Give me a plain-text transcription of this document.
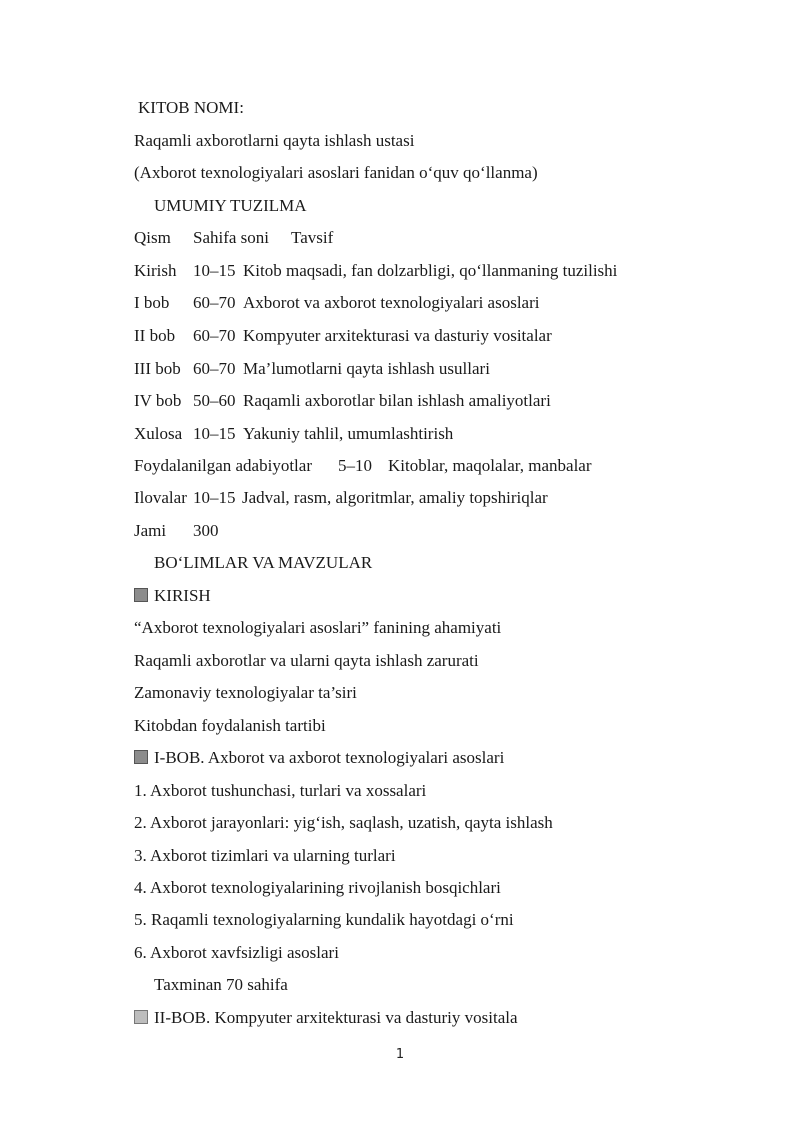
KITOB NOMI:
Raqamli axborotlarni qayta ishlash ustasi
(Axborot texnologiyalari asoslari fanidan o‘quv qo‘llanma)
UMUMIY TUZILMA
Qism Sahifa soni Tavsif
Kirish 10–15 Kitob maqsadi, fan dolzarbligi, qo‘llanmaning tuzilishi
I bob 60–70 Axborot va axborot texnologiyalari asoslari
II bob 60–70 Kompyuter arxitekturasi va dasturiy vositalar
III bob 60–70 Ma’lumotlarni qayta ishlash usullari
IV bob 50–60 Raqamli axborotlar bilan ishlash amaliyotlari
Xulosa 10–15 Yakuniy tahlil, umumlashtirish
Foydalanilgan adabiyotlar 5–10 Kitoblar, maqolalar, manbalar
Ilovalar 10–15 Jadval, rasm, algoritmlar, amaliy topshiriqlar
Jami 300
BO‘LIMLAR VA MAVZULAR
KIRISH
“Axborot texnologiyalari asoslari” fanining ahamiyati
Raqamli axborotlar va ularni qayta ishlash zarurati
Zamonaviy texnologiyalar ta’siri
Kitobdan foydalanish tartibi
I-BOB. Axborot va axborot texnologiyalari asoslari
1. Axborot tushunchasi, turlari va xossalari
2. Axborot jarayonlari: yig‘ish, saqlash, uzatish, qayta ishlash
3. Axborot tizimlari va ularning turlari
4. Axborot texnologiyalarining rivojlanish bosqichlari
5. Raqamli texnologiyalarning kundalik hayotdagi o‘rni
6. Axborot xavfsizligi asoslari
Taxminan 70 sahifa
II-BOB. Kompyuter arxitekturasi va dasturiy vositala
1
